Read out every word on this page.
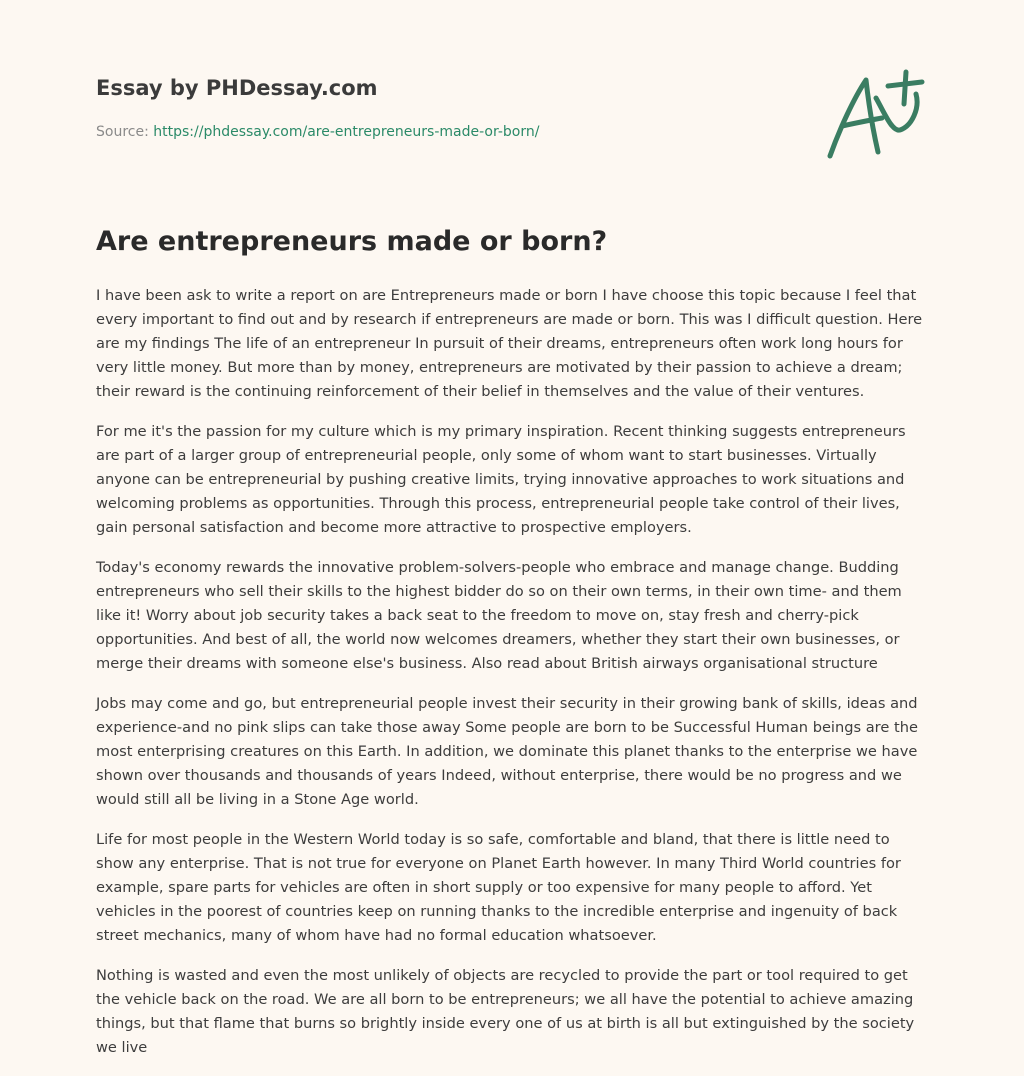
Essay by PHDessay.com
Source: https://phdessay.com/are-entrepreneurs-made-or-born/
Are entrepreneurs made or born?

I have been ask to write a report on are Entrepreneurs made or born I have choose this topic because I feel that every important to find out and by research if entrepreneurs are made or born. This was I difficult question. Here are my findings The life of an entrepreneur In pursuit of their dreams, entrepreneurs often work long hours for very little money. But more than by money, entrepreneurs are motivated by their passion to achieve a dream; their reward is the continuing reinforcement of their belief in themselves and the value of their ventures.

For me it's the passion for my culture which is my primary inspiration. Recent thinking suggests entrepreneurs are part of a larger group of entrepreneurial people, only some of whom want to start businesses. Virtually anyone can be entrepreneurial by pushing creative limits, trying innovative approaches to work situations and welcoming problems as opportunities. Through this process, entrepreneurial people take control of their lives, gain personal satisfaction and become more attractive to prospective employers.

Today's economy rewards the innovative problem-solvers-people who embrace and manage change. Budding entrepreneurs who sell their skills to the highest bidder do so on their own terms, in their own time- and them like it! Worry about job security takes a back seat to the freedom to move on, stay fresh and cherry-pick opportunities. And best of all, the world now welcomes dreamers, whether they start their own businesses, or merge their dreams with someone else's business. Also read about British airways organisational structure

Jobs may come and go, but entrepreneurial people invest their security in their growing bank of skills, ideas and experience-and no pink slips can take those away Some people are born to be Successful Human beings are the most enterprising creatures on this Earth. In addition, we dominate this planet thanks to the enterprise we have shown over thousands and thousands of years Indeed, without enterprise, there would be no progress and we would still all be living in a Stone Age world.

Life for most people in the Western World today is so safe, comfortable and bland, that there is little need to show any enterprise. That is not true for everyone on Planet Earth however. In many Third World countries for example, spare parts for vehicles are often in short supply or too expensive for many people to afford. Yet vehicles in the poorest of countries keep on running thanks to the incredible enterprise and ingenuity of back street mechanics, many of whom have had no formal education whatsoever.

Nothing is wasted and even the most unlikely of objects are recycled to provide the part or tool required to get the vehicle back on the road. We are all born to be entrepreneurs; we all have the potential to achieve amazing things, but that flame that burns so brightly inside every one of us at birth is all but extinguished by the society we live
